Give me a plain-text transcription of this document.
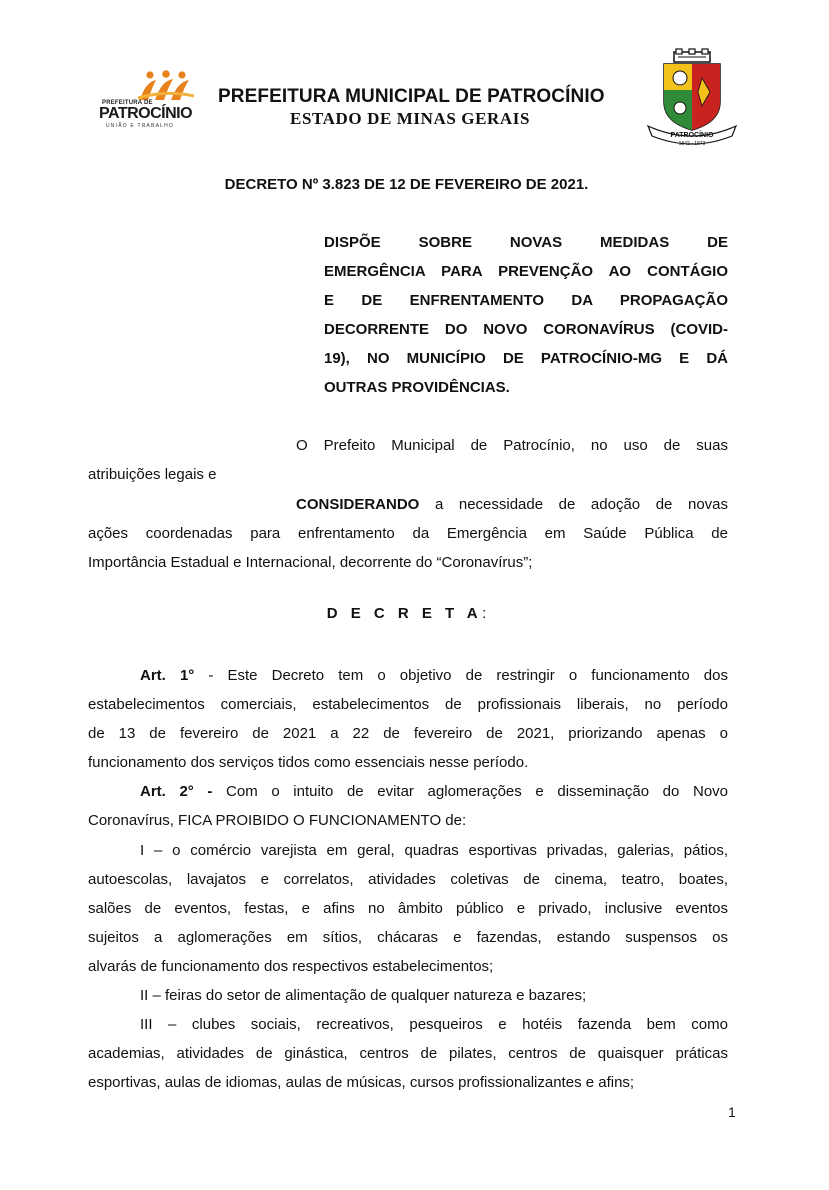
PREFEITURA DE
PATROCÍNIO
UNIÃO E TRABALHO
PREFEITURA MUNICIPAL DE PATROCÍNIO
ESTADO DE MINAS GERAIS
PATROCÍNIO
1842 · 1873
DECRETO Nº 3.823 DE 12 DE FEVEREIRO DE 2021.
DISPÕE SOBRE NOVAS MEDIDAS DE
EMERGÊNCIA PARA PREVENÇÃO AO CONTÁGIO
E DE ENFRENTAMENTO DA PROPAGAÇÃO
DECORRENTE DO NOVO CORONAVÍRUS (COVID-
19), NO MUNICÍPIO DE PATROCÍNIO-MG E DÁ
OUTRAS PROVIDÊNCIAS.
O Prefeito Municipal de Patrocínio, no uso de suas
atribuições legais e
CONSIDERANDO a necessidade de adoção de novas
ações coordenadas para enfrentamento da Emergência em Saúde Pública de
Importância Estadual e Internacional, decorrente do “Coronavírus”;
D E C R E T A:
Art. 1° - Este Decreto tem o objetivo de restringir o funcionamento dos
estabelecimentos comerciais, estabelecimentos de profissionais liberais, no período
de 13 de fevereiro de 2021 a 22 de fevereiro de 2021, priorizando apenas o
funcionamento dos serviços tidos como essenciais nesse período.
Art. 2° - Com o intuito de evitar aglomerações e disseminação do Novo
Coronavírus, FICA PROIBIDO O FUNCIONAMENTO de:
I – o comércio varejista em geral, quadras esportivas privadas, galerias, pátios,
autoescolas, lavajatos e correlatos, atividades coletivas de cinema, teatro, boates,
salões de eventos, festas, e afins no âmbito público e privado, inclusive eventos
sujeitos a aglomerações em sítios, chácaras e fazendas, estando suspensos os
alvarás de funcionamento dos respectivos estabelecimentos;
II – feiras do setor de alimentação de qualquer natureza e bazares;
III – clubes sociais, recreativos, pesqueiros e hotéis fazenda bem como
academias, atividades de ginástica, centros de pilates, centros de quaisquer práticas
esportivas, aulas de idiomas, aulas de músicas, cursos profissionalizantes e afins;
1
